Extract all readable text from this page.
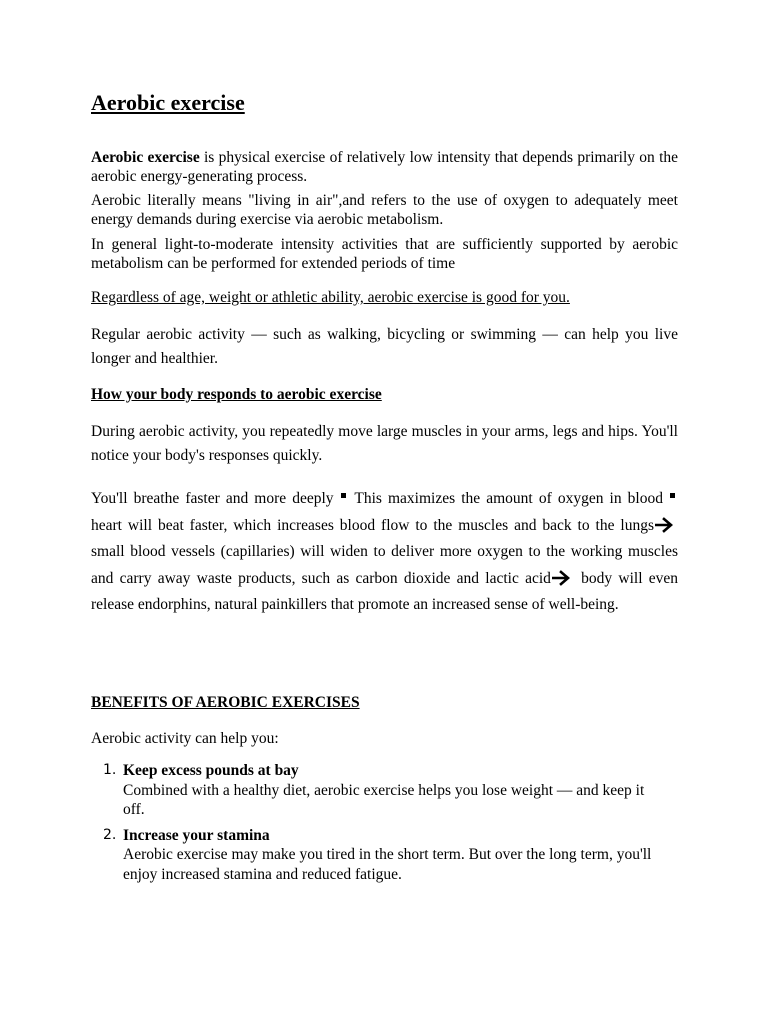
Aerobic exercise

Aerobic exercise is physical exercise of relatively low intensity that depends primarily on the aerobic energy-generating process.

Aerobic literally means "living in air",and refers to the use of oxygen to adequately meet energy demands during exercise via aerobic metabolism.

In general light-to-moderate intensity activities that are sufficiently supported by aerobic metabolism can be performed for extended periods of time

Regardless of age, weight or athletic ability, aerobic exercise is good for you.

Regular aerobic activity — such as walking, bicycling or swimming — can help you live longer and healthier.

How your body responds to aerobic exercise

During aerobic activity, you repeatedly move large muscles in your arms, legs and hips. You'll notice your body's responses quickly.

You'll breathe faster and more deeply This maximizes the amount of oxygen in blood heart will beat faster, which increases blood flow to the muscles and back to the lungs small blood vessels (capillaries) will widen to deliver more oxygen to the working muscles and carry away waste products, such as carbon dioxide and lactic acid body will even release endorphins, natural painkillers that promote an increased sense of well-being.

BENEFITS OF AEROBIC EXERCISES

Aerobic activity can help you:

1. Keep excess pounds at bay
Combined with a healthy diet, aerobic exercise helps you lose weight — and keep it off.
2. Increase your stamina
Aerobic exercise may make you tired in the short term. But over the long term, you'll enjoy increased stamina and reduced fatigue.
